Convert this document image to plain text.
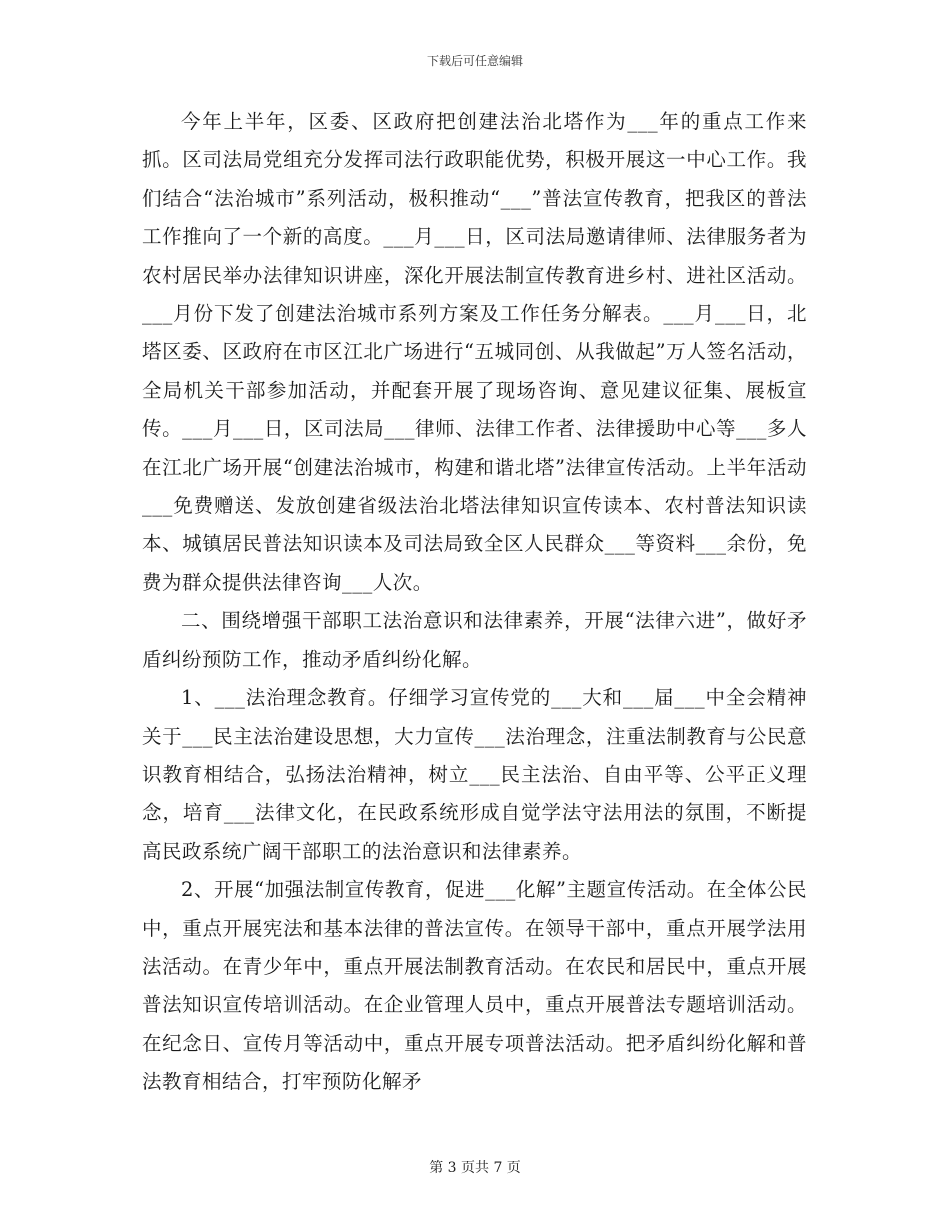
下载后可任意编辑

今年上半年，区委、区政府把创建法治北塔作为___年的重点工作来抓。区司法局党组充分发挥司法行政职能优势，积极开展这一中心工作。我们结合“法治城市”系列活动，极积推动“___”普法宣传教育，把我区的普法工作推向了一个新的高度。___月___日，区司法局邀请律师、法律服务者为农村居民举办法律知识讲座，深化开展法制宣传教育进乡村、进社区活动。___月份下发了创建法治城市系列方案及工作任务分解表。___月___日，北塔区委、区政府在市区江北广场进行“五城同创、从我做起”万人签名活动，全局机关干部参加活动，并配套开展了现场咨询、意见建议征集、展板宣传。___月___日，区司法局___律师、法律工作者、法律援助中心等___多人在江北广场开展“创建法治城市，构建和谐北塔”法律宣传活动。上半年活动___免费赠送、发放创建省级法治北塔法律知识宣传读本、农村普法知识读本、城镇居民普法知识读本及司法局致全区人民群众___等资料___余份，免费为群众提供法律咨询___人次。

二、围绕增强干部职工法治意识和法律素养，开展“法律六进”，做好矛盾纠纷预防工作，推动矛盾纠纷化解。

1、___法治理念教育。仔细学习宣传党的___大和___届___中全会精神关于___民主法治建设思想，大力宣传___法治理念，注重法制教育与公民意识教育相结合，弘扬法治精神，树立___民主法治、自由平等、公平正义理念，培育___法律文化，在民政系统形成自觉学法守法用法的氛围，不断提高民政系统广阔干部职工的法治意识和法律素养。

2、开展“加强法制宣传教育，促进___化解”主题宣传活动。在全体公民中，重点开展宪法和基本法律的普法宣传。在领导干部中，重点开展学法用法活动。在青少年中，重点开展法制教育活动。在农民和居民中，重点开展普法知识宣传培训活动。在企业管理人员中，重点开展普法专题培训活动。在纪念日、宣传月等活动中，重点开展专项普法活动。把矛盾纠纷化解和普法教育相结合，打牢预防化解矛

第 3 页共 7 页
